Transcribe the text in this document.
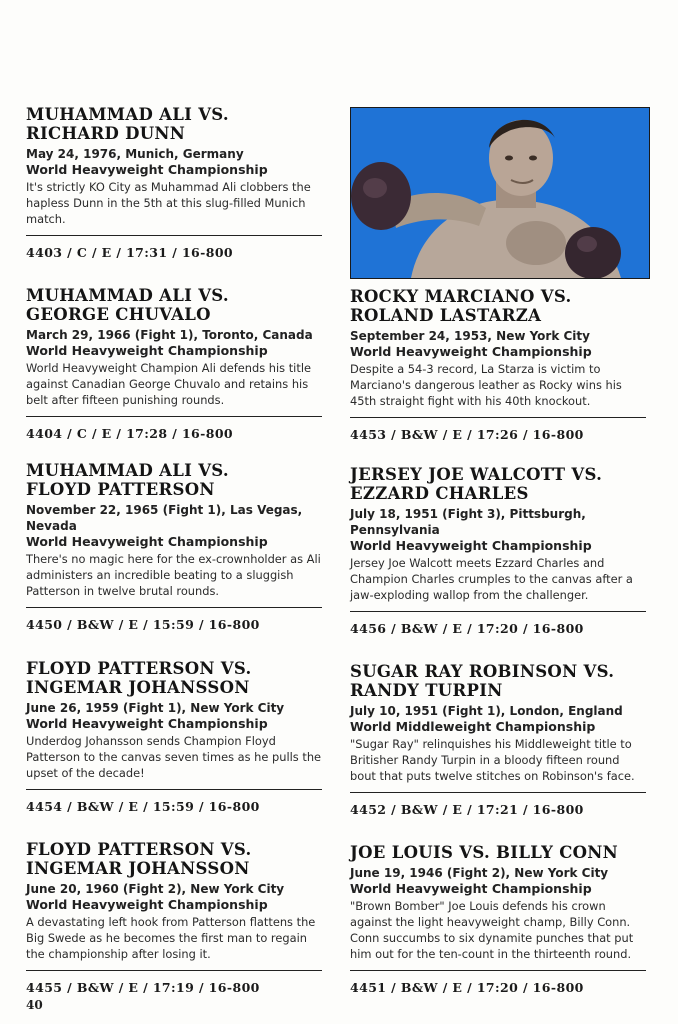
MUHAMMAD ALI VS.
RICHARD DUNN
May 24, 1976, Munich, Germany
World Heavyweight Championship
It's strictly KO City as Muhammad Ali clobbers the hapless Dunn in the 5th at this slug-filled Munich match.
4403 / C / E / 17:31 / 16-800
MUHAMMAD ALI VS.
GEORGE CHUVALO
March 29, 1966 (Fight 1), Toronto, Canada
World Heavyweight Championship
World Heavyweight Champion Ali defends his title against Canadian George Chuvalo and retains his belt after fifteen punishing rounds.
4404 / C / E / 17:28 / 16-800
MUHAMMAD ALI VS.
FLOYD PATTERSON
November 22, 1965 (Fight 1), Las Vegas,
Nevada
World Heavyweight Championship
There's no magic here for the ex-crownholder as Ali administers an incredible beating to a sluggish Patterson in twelve brutal rounds.
4450 / B&W / E / 15:59 / 16-800
FLOYD PATTERSON VS.
INGEMAR JOHANSSON
June 26, 1959 (Fight 1), New York City
World Heavyweight Championship
Underdog Johansson sends Champion Floyd Patterson to the canvas seven times as he pulls the upset of the decade!
4454 / B&W / E / 15:59 / 16-800
FLOYD PATTERSON VS.
INGEMAR JOHANSSON
June 20, 1960 (Fight 2), New York City
World Heavyweight Championship
A devastating left hook from Patterson flattens the Big Swede as he becomes the first man to regain the championship after losing it.
4455 / B&W / E / 17:19 / 16-800
ROCKY MARCIANO VS.
ROLAND LASTARZA
September 24, 1953, New York City
World Heavyweight Championship
Despite a 54-3 record, La Starza is victim to Marciano's dangerous leather as Rocky wins his 45th straight fight with his 40th knockout.
4453 / B&W / E / 17:26 / 16-800
JERSEY JOE WALCOTT VS.
EZZARD CHARLES
July 18, 1951 (Fight 3), Pittsburgh,
Pennsylvania
World Heavyweight Championship
Jersey Joe Walcott meets Ezzard Charles and Champion Charles crumples to the canvas after a jaw-exploding wallop from the challenger.
4456 / B&W / E / 17:20 / 16-800
SUGAR RAY ROBINSON VS.
RANDY TURPIN
July 10, 1951 (Fight 1), London, England
World Middleweight Championship
"Sugar Ray" relinquishes his Middleweight title to Britisher Randy Turpin in a bloody fifteen round bout that puts twelve stitches on Robinson's face.
4452 / B&W / E / 17:21 / 16-800
JOE LOUIS VS. BILLY CONN
June 19, 1946 (Fight 2), New York City
World Heavyweight Championship
"Brown Bomber" Joe Louis defends his crown against the light heavyweight champ, Billy Conn. Conn succumbs to six dynamite punches that put him out for the ten-count in the thirteenth round.
4451 / B&W / E / 17:20 / 16-800
40
